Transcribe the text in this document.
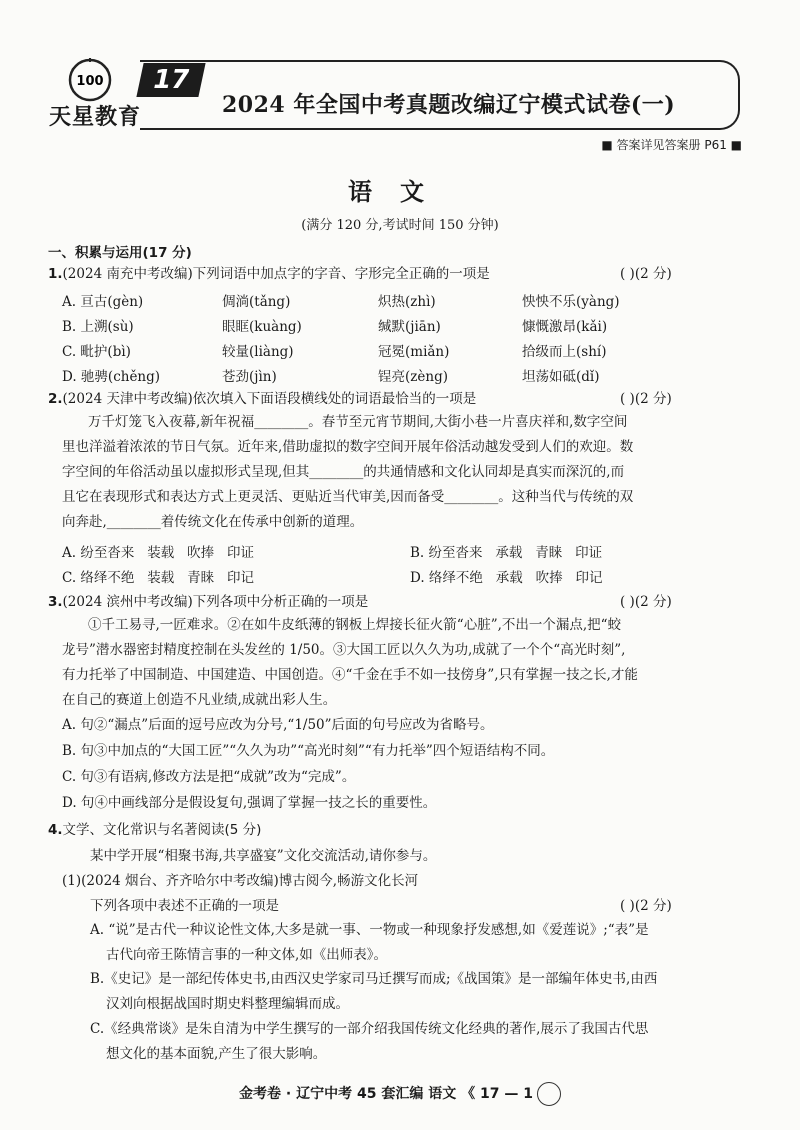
100
天星教育
17
2024 年全国中考真题改编辽宁模式试卷(一)
■ 答案详见答案册 P61 ■
语文
(满分 120 分,考试时间 150 分钟)
一、积累与运用(17 分)
1.(2024 南充中考改编)下列词语中加点字的字音、字形完全正确的一项是	( )(2 分)
A. 亘古(gèn)	倜淌(tǎng)	炽热(zhì)	怏怏不乐(yàng)
B. 上溯(sù)	眼眶(kuàng)	缄默(jiān)	慷慨激昂(kǎi)
C. 毗护(bì)	较量(liàng)	冠冕(miǎn)	拾级而上(shí)
D. 驰骋(chěng)	苍劲(jìn)	锃亮(zèng)	坦荡如砥(dǐ)
2.(2024 天津中考改编)依次填入下面语段横线处的词语最恰当的一项是	( )(2 分)
万千灯笼飞入夜幕,新年祝福________。春节至元宵节期间,大街小巷一片喜庆祥和,数字空间
里也洋溢着浓浓的节日气氛。近年来,借助虚拟的数字空间开展年俗活动越发受到人们的欢迎。数
字空间的年俗活动虽以虚拟形式呈现,但其________的共通情感和文化认同却是真实而深沉的,而
且它在表现形式和表达方式上更灵活、更贴近当代审美,因而备受________。这种当代与传统的双
向奔赴,________着传统文化在传承中创新的道理。
A. 纷至沓来   装载   吹捧   印证	B. 纷至沓来   承载   青睐   印证
C. 络绎不绝   装载   青睐   印记	D. 络绎不绝   承载   吹捧   印记
3.(2024 滨州中考改编)下列各项中分析正确的一项是	( )(2 分)
①千工易寻,一匠难求。②在如牛皮纸薄的钢板上焊接长征火箭“心脏”,不出一个漏点,把“蛟
龙号”潜水器密封精度控制在头发丝的 1/50。③大国工匠以久久为功,成就了一个个“高光时刻”,
有力托举了中国制造、中国建造、中国创造。④“千金在手不如一技傍身”,只有掌握一技之长,才能
在自己的赛道上创造不凡业绩,成就出彩人生。
A. 句②“漏点”后面的逗号应改为分号,“1/50”后面的句号应改为省略号。
B. 句③中加点的“大国工匠”“久久为功”“高光时刻”“有力托举”四个短语结构不同。
C. 句③有语病,修改方法是把“成就”改为“完成”。
D. 句④中画线部分是假设复句,强调了掌握一技之长的重要性。
4.文学、文化常识与名著阅读(5 分)
某中学开展“相聚书海,共享盛宴”文化交流活动,请你参与。
(1)(2024 烟台、齐齐哈尔中考改编)博古阅今,畅游文化长河
下列各项中表述不正确的一项是	( )(2 分)
A. “说”是古代一种议论性文体,大多是就一事、一物或一种现象抒发感想,如《爱莲说》;“表”是
古代向帝王陈情言事的一种文体,如《出师表》。
B.《史记》是一部纪传体史书,由西汉史学家司马迁撰写而成;《战国策》是一部编年体史书,由西
汉刘向根据战国时期史料整理编辑而成。
C.《经典常谈》是朱自清为中学生撰写的一部介绍我国传统文化经典的著作,展示了我国古代思
想文化的基本面貌,产生了很大影响。
金考卷 · 辽宁中考 45 套汇编 语文 《 17 — 1
